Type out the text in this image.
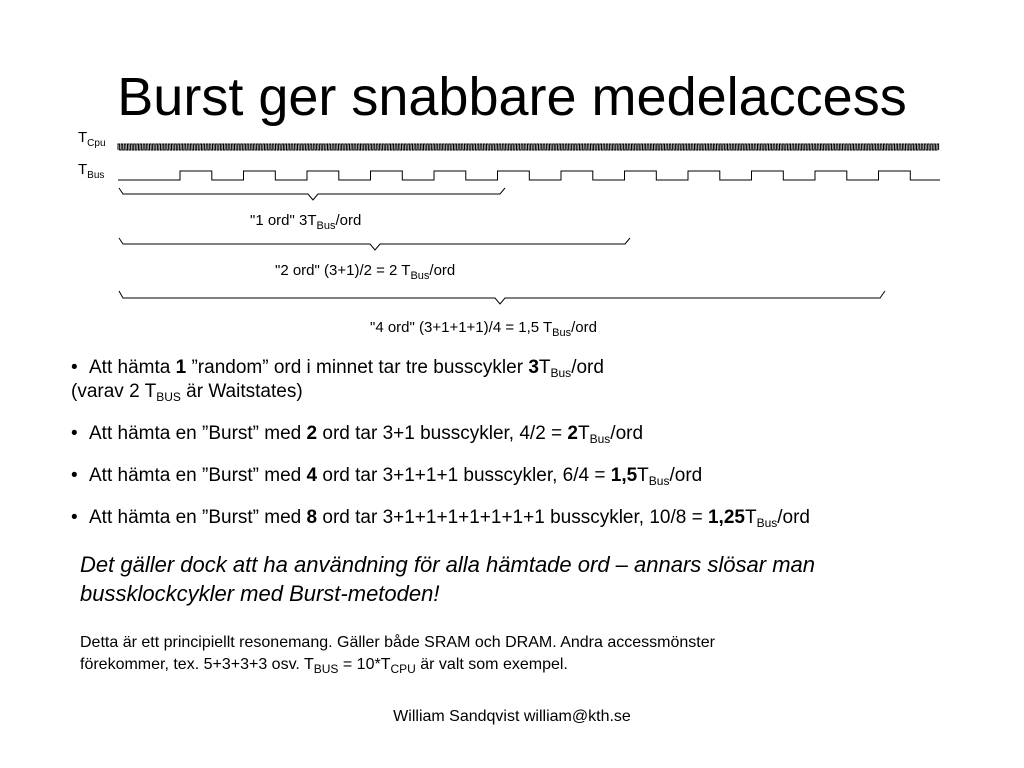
Burst ger snabbare medelaccess
$T_{Cpu}$
$T_{Bus}$
"1 ord" $3T_{Bus}$/ord
"2 ord" (3+1)/2 = 2 $T_{Bus}$/ord
"4 ord" (3+1+1+1)/4 = 1,5 $T_{Bus}$/ord
• Att hämta 1 ”random” ord i minnet tar tre busscykler $3T_{Bus}$/ord
(varav 2 $T_{BUS}$ är Waitstates)
• Att hämta en ”Burst” med 2 ord tar 3+1 busscykler, $4/2 = 2T_{Bus}$/ord
• Att hämta en ”Burst” med 4 ord tar 3+1+1+1 busscykler, $6/4 = 1,5T_{Bus}$/ord
• Att hämta en ”Burst” med 8 ord tar 3+1+1+1+1+1+1+1 busscykler, $10/8 = 1,25T_{Bus}$/ord
Det gäller dock att ha användning för alla hämtade ord – annars slösar man
bussklockcykler med Burst-metoden!
Detta är ett principiellt resonemang. Gäller både SRAM och DRAM. Andra accessmönster
förekommer, tex. 5+3+3+3 osv. $T_{BUS} = 10*T_{CPU}$ är valt som exempel.
William Sandqvist william@kth.se
